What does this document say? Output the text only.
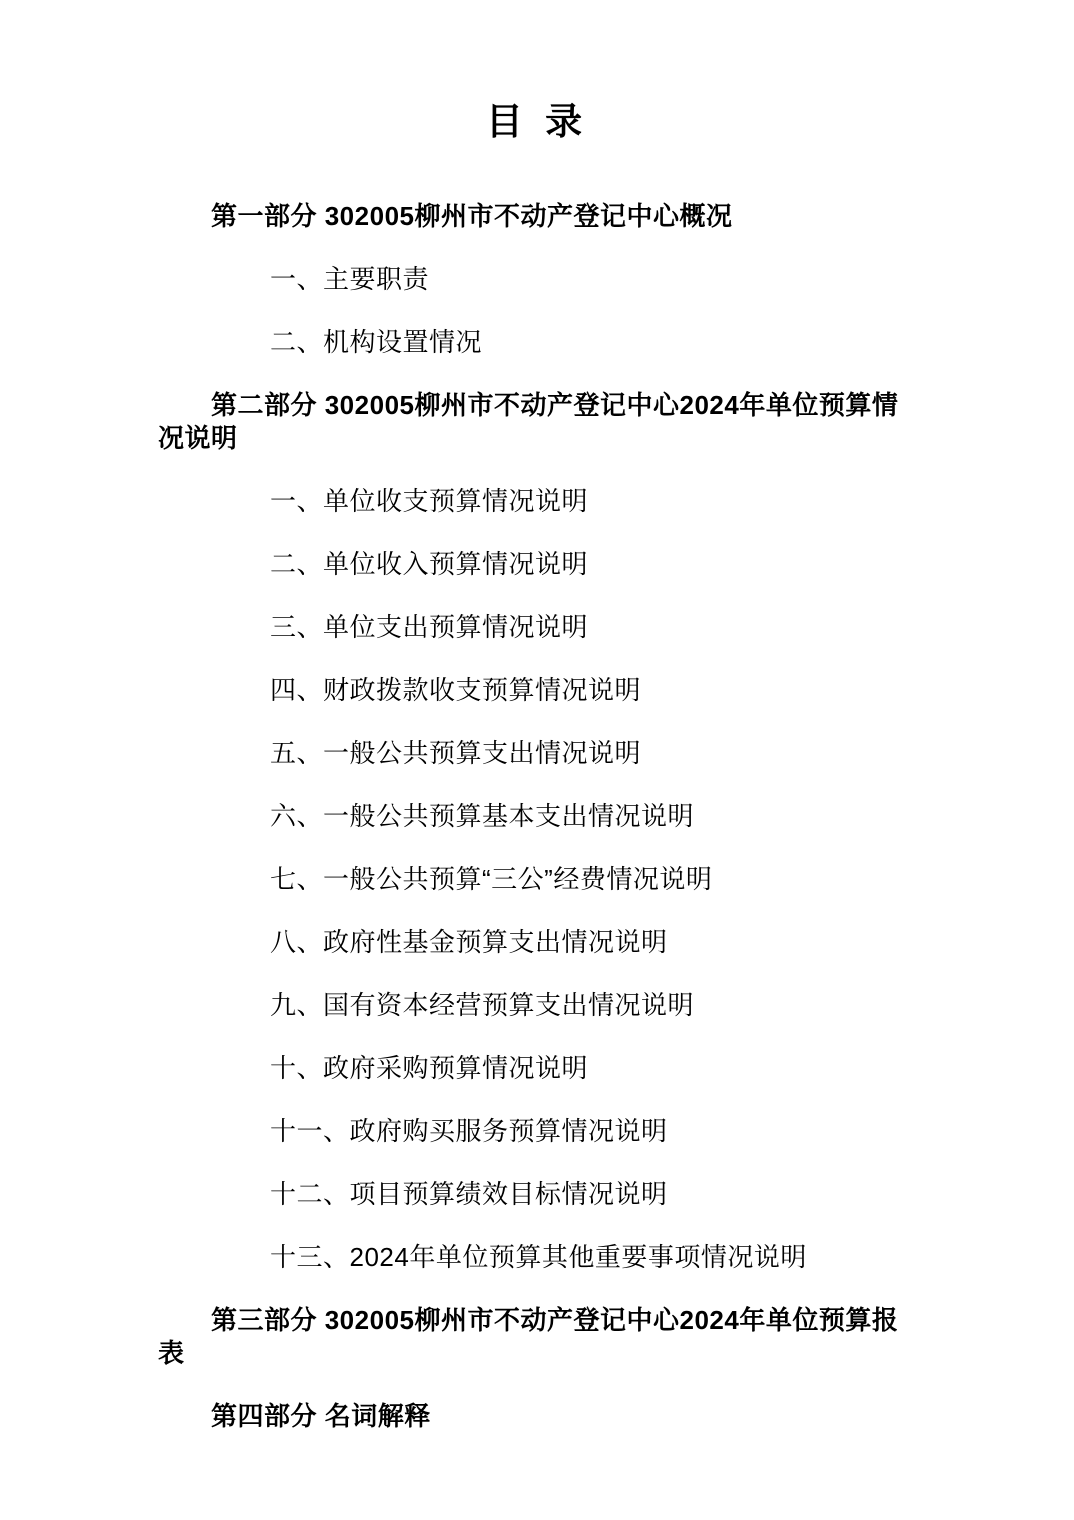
目 录

第一部分 302005柳州市不动产登记中心概况

一、主要职责

二、机构设置情况

第二部分 302005柳州市不动产登记中心2024年单位预算情况说明

一、单位收支预算情况说明

二、单位收入预算情况说明

三、单位支出预算情况说明

四、财政拨款收支预算情况说明

五、一般公共预算支出情况说明

六、一般公共预算基本支出情况说明

七、一般公共预算“三公”经费情况说明

八、政府性基金预算支出情况说明

九、国有资本经营预算支出情况说明

十、政府采购预算情况说明

十一、政府购买服务预算情况说明

十二、项目预算绩效目标情况说明

十三、2024年单位预算其他重要事项情况说明

第三部分 302005柳州市不动产登记中心2024年单位预算报表

第四部分 名词解释
